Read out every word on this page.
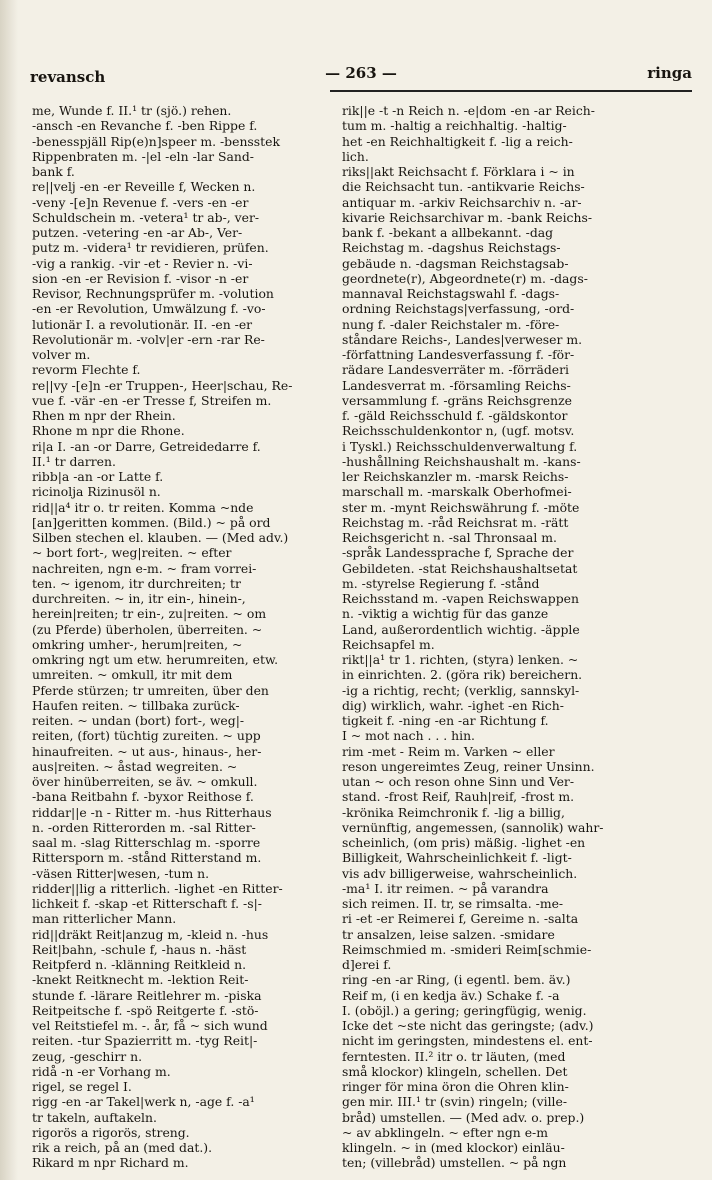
revansch	— 263 —	ringa

me, Wunde f. II.¹ tr (sjö.) rehen.

-ansch -en Revanche f. -ben Rippe f.

-benesspjäll Rip(e)n]speer m. -bensstek

Rippenbraten m. -|el -eln -lar Sand-

bank f.

re||velj -en -er Reveille f, Wecken n.

-veny -[e]n Revenue f. -vers -en -er

Schuldschein m. -vetera¹ tr ab-, ver-

putzen. -vetering -en -ar Ab-, Ver-

putz m. -videra¹ tr revidieren, prüfen.

-vig a rankig. -vir -et - Revier n. -vi-

sion -en -er Revision f. -visor -n -er

Revisor, Rechnungsprüfer m. -volution

-en -er Revolution, Umwälzung f. -vo-

lutionär I. a revolutionär. II. -en -er

Revolutionär m. -volv|er -ern -rar Re-

volver m.

revorm Flechte f.

re||vy -[e]n -er Truppen-, Heer|schau, Re-

vue f. -vär -en -er Tresse f, Streifen m.

Rhen m npr der Rhein.

Rhone m npr die Rhone.

ri|a I. -an -or Darre, Getreidedarre f.

II.¹ tr darren.

ribb|a -an -or Latte f.

ricinolja Rizinusöl n.

rid||a⁴ itr o. tr reiten. Komma ~nde

[an]geritten kommen. (Bild.) ~ på ord

Silben stechen el. klauben. — (Med adv.)

~ bort fort-, weg|reiten. ~ efter

nachreiten, ngn e-m. ~ fram vorrei-

ten. ~ igenom, itr durchreiten; tr

durchreiten. ~ in, itr ein-, hinein-,

herein|reiten; tr ein-, zu|reiten. ~ om

(zu Pferde) überholen, überreiten. ~

omkring umher-, herum|reiten, ~

omkring ngt um etw. herumreiten, etw.

umreiten. ~ omkull, itr mit dem

Pferde stürzen; tr umreiten, über den

Haufen reiten. ~ tillbaka zurück-

reiten. ~ undan (bort) fort-, weg|-

reiten, (fort) tüchtig zureiten. ~ upp

hinaufreiten. ~ ut aus-, hinaus-, her-

aus|reiten. ~ åstad wegreiten. ~

över hinüberreiten, se äv. ~ omkull.

-bana Reitbahn f. -byxor Reithose f.

riddar||e -n - Ritter m. -hus Ritterhaus

n. -orden Ritterorden m. -sal Ritter-

saal m. -slag Ritterschlag m. -sporre

Rittersporn m. -stånd Ritterstand m.

-väsen Ritter|wesen, -tum n.

ridder||lig a ritterlich. -lighet -en Ritter-

lichkeit f. -skap -et Ritterschaft f. -s|-

man ritterlicher Mann.

rid||dräkt Reit|anzug m, -kleid n. -hus

Reit|bahn, -schule f, -haus n. -häst

Reitpferd n. -klänning Reitkleid n.

-knekt Reitknecht m. -lektion Reit-

stunde f. -lärare Reitlehrer m. -piska

Reitpeitsche f. -spö Reitgerte f. -stö-

vel Reitstiefel m. -. år, få ~ sich wund

reiten. -tur Spazierritt m. -tyg Reit|-

zeug, -geschirr n.

ridå -n -er Vorhang m.

rigel, se regel I.

rigg -en -ar Takel|werk n, -age f. -a¹

tr takeln, auftakeln.

rigorös a rigorös, streng.

rik a reich, på an (med dat.).

Rikard m npr Richard m.

rik||e -t -n Reich n. -e|dom -en -ar Reich-

tum m. -haltig a reichhaltig. -haltig-

het -en Reichhaltigkeit f. -lig a reich-

lich.

riks||akt Reichsacht f. Förklara i ~ in

die Reichsacht tun. -antikvarie Reichs-

antiquar m. -arkiv Reichsarchiv n. -ar-

kivarie Reichsarchivar m. -bank Reichs-

bank f. -bekant a allbekannt. -dag

Reichstag m. -dagshus Reichstags-

gebäude n. -dagsman Reichstagsab-

geordnete(r), Abgeordnete(r) m. -dags-

mannaval Reichstagswahl f. -dags-

ordning Reichstags|verfassung, -ord-

nung f. -daler Reichstaler m. -före-

ståndare Reichs-, Landes|verweser m.

-författning Landesverfassung f. -för-

rädare Landesverräter m. -förräderi

Landesverrat m. -församling Reichs-

versammlung f. -gräns Reichsgrenze

f. -gäld Reichsschuld f. -gäldskontor

Reichsschuldenkontor n, (ugf. motsv.

i Tyskl.) Reichsschuldenverwaltung f.

-hushållning Reichshaushalt m. -kans-

ler Reichskanzler m. -marsk Reichs-

marschall m. -marskalk Oberhofmei-

ster m. -mynt Reichswährung f. -möte

Reichstag m. -råd Reichsrat m. -rätt

Reichsgericht n. -sal Thronsaal m.

-språk Landessprache f, Sprache der

Gebildeten. -stat Reichshaushaltsetat

m. -styrelse Regierung f. -stånd

Reichsstand m. -vapen Reichswappen

n. -viktig a wichtig für das ganze

Land, außerordentlich wichtig. -äpple

Reichsapfel m.

rikt||a¹ tr 1. richten, (styra) lenken. ~

in einrichten. 2. (göra rik) bereichern.

-ig a richtig, recht; (verklig, sannskyl-

dig) wirklich, wahr. -ighet -en Rich-

tigkeit f. -ning -en -ar Richtung f.

I ~ mot nach . . . hin.

rim -met - Reim m. Varken ~ eller

reson ungereimtes Zeug, reiner Unsinn.

utan ~ och reson ohne Sinn und Ver-

stand. -frost Reif, Rauh|reif, -frost m.

-krönika Reimchronik f. -lig a billig,

vernünftig, angemessen, (sannolik) wahr-

scheinlich, (om pris) mäßig. -lighet -en

Billigkeit, Wahrscheinlichkeit f. -ligt-

vis adv billigerweise, wahrscheinlich.

-ma¹ I. itr reimen. ~ på varandra

sich reimen. II. tr, se rimsalta. -me-

ri -et -er Reimerei f, Gereime n. -salta

tr ansalzen, leise salzen. -smidare

Reimschmied m. -smideri Reim[schmie-

d]erei f.

ring -en -ar Ring, (i egentl. bem. äv.)

Reif m, (i en kedja äv.) Schake f. -a

I. (oböjl.) a gering; geringfügig, wenig.

Icke det ~ste nicht das geringste; (adv.)

nicht im geringsten, mindestens el. ent-

ferntesten. II.² itr o. tr läuten, (med

små klockor) klingeln, schellen. Det

ringer för mina öron die Ohren klin-

gen mir. III.¹ tr (svin) ringeln; (ville-

bråd) umstellen. — (Med adv. o. prep.)

~ av abklingeln. ~ efter ngn e-m

klingeln. ~ in (med klockor) einläu-

ten; (villebråd) umstellen. ~ på ngn
